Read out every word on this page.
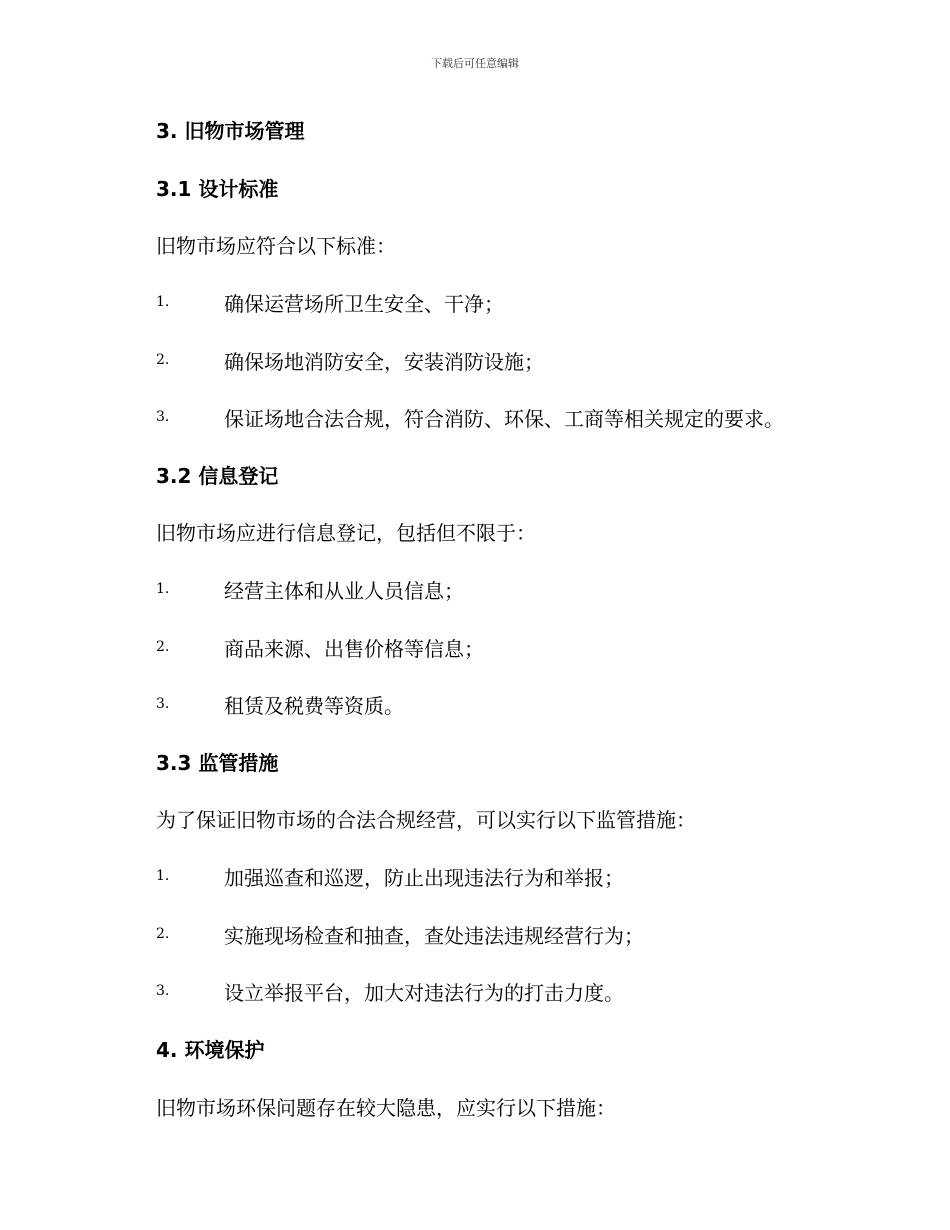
下载后可任意编辑
3. 旧物市场管理
3.1 设计标准
旧物市场应符合以下标准：
1.	确保运营场所卫生安全、干净；
2.	确保场地消防安全，安装消防设施；
3.	保证场地合法合规，符合消防、环保、工商等相关规定的要求。
3.2 信息登记
旧物市场应进行信息登记，包括但不限于：
1.	经营主体和从业人员信息；
2.	商品来源、出售价格等信息；
3.	租赁及税费等资质。
3.3 监管措施
为了保证旧物市场的合法合规经营，可以实行以下监管措施：
1.	加强巡查和巡逻，防止出现违法行为和举报；
2.	实施现场检查和抽查，查处违法违规经营行为；
3.	设立举报平台，加大对违法行为的打击力度。
4. 环境保护
旧物市场环保问题存在较大隐患，应实行以下措施：
